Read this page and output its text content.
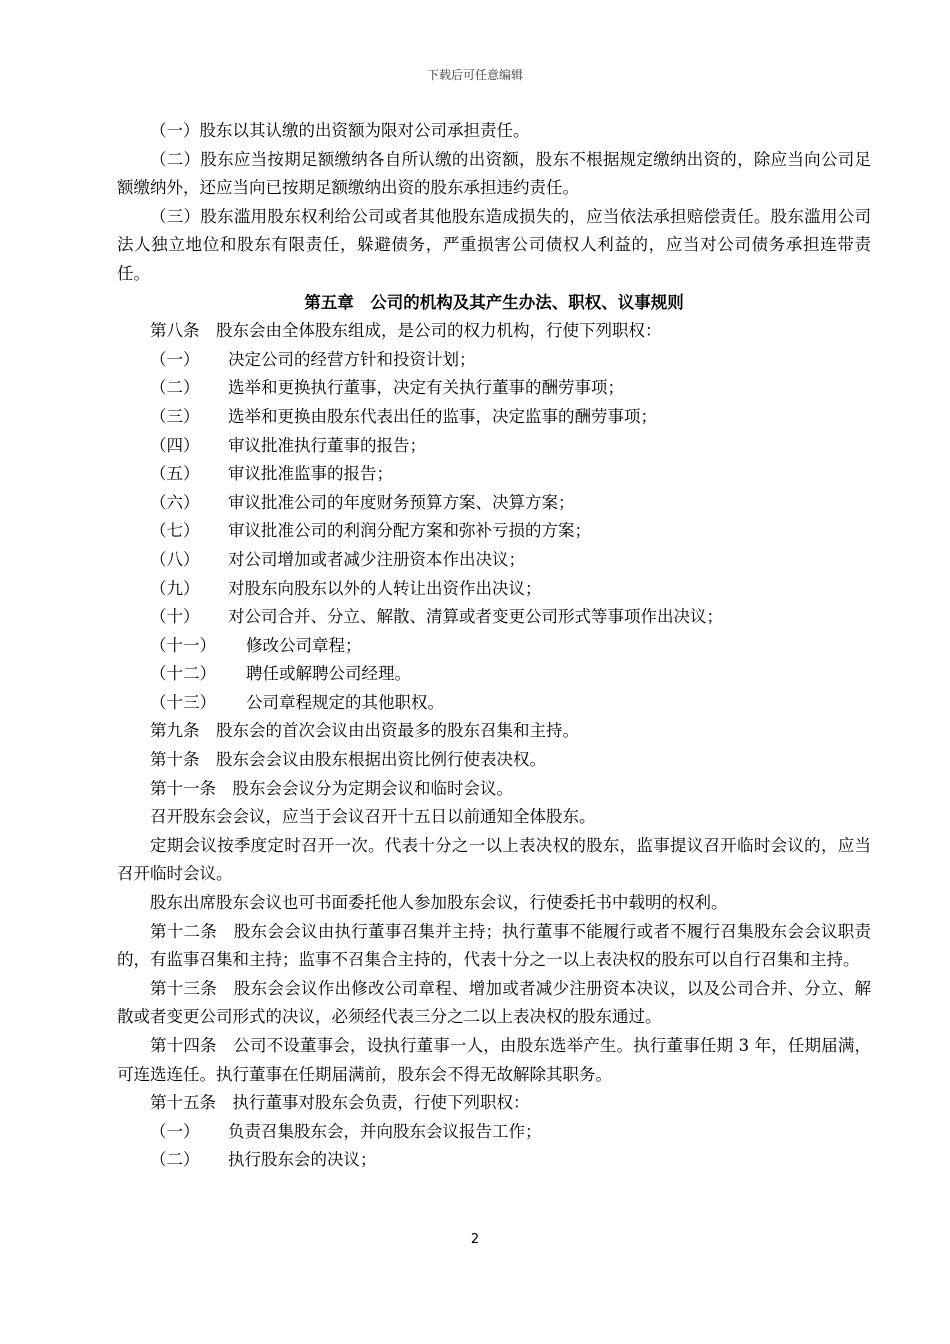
下载后可任意编辑

（一）股东以其认缴的出资额为限对公司承担责任。

（二）股东应当按期足额缴纳各自所认缴的出资额，股东不根据规定缴纳出资的，除应当向公司足额缴纳外，还应当向已按期足额缴纳出资的股东承担违约责任。

（三）股东滥用股东权利给公司或者其他股东造成损失的，应当依法承担赔偿责任。股东滥用公司法人独立地位和股东有限责任，躲避债务，严重损害公司债权人利益的，应当对公司债务承担连带责任。

第五章　公司的机构及其产生办法、职权、议事规则

第八条　股东会由全体股东组成，是公司的权力机构，行使下列职权：

（一） 决定公司的经营方针和投资计划；

（二） 选举和更换执行董事，决定有关执行董事的酬劳事项；

（三） 选举和更换由股东代表出任的监事，决定监事的酬劳事项；

（四） 审议批准执行董事的报告；

（五） 审议批准监事的报告；

（六） 审议批准公司的年度财务预算方案、决算方案；

（七） 审议批准公司的利润分配方案和弥补亏损的方案；

（八） 对公司增加或者减少注册资本作出决议；

（九） 对股东向股东以外的人转让出资作出决议；

（十） 对公司合并、分立、解散、清算或者变更公司形式等事项作出决议；

（十一） 修改公司章程；

（十二） 聘任或解聘公司经理。

（十三） 公司章程规定的其他职权。

第九条　股东会的首次会议由出资最多的股东召集和主持。

第十条　股东会会议由股东根据出资比例行使表决权。

第十一条　股东会会议分为定期会议和临时会议。

召开股东会会议，应当于会议召开十五日以前通知全体股东。

定期会议按季度定时召开一次。代表十分之一以上表决权的股东，监事提议召开临时会议的，应当召开临时会议。

股东出席股东会议也可书面委托他人参加股东会议，行使委托书中载明的权利。

第十二条　股东会会议由执行董事召集并主持；执行董事不能履行或者不履行召集股东会会议职责的，有监事召集和主持；监事不召集合主持的，代表十分之一以上表决权的股东可以自行召集和主持。

第十三条　股东会会议作出修改公司章程、增加或者减少注册资本决议，以及公司合并、分立、解散或者变更公司形式的决议，必须经代表三分之二以上表决权的股东通过。

第十四条　公司不设董事会，设执行董事一人，由股东选举产生。执行董事任期 3 年，任期届满，可连选连任。执行董事在任期届满前，股东会不得无故解除其职务。

第十五条　执行董事对股东会负责，行使下列职权：

（一） 负责召集股东会，并向股东会议报告工作；

（二） 执行股东会的决议；

2
